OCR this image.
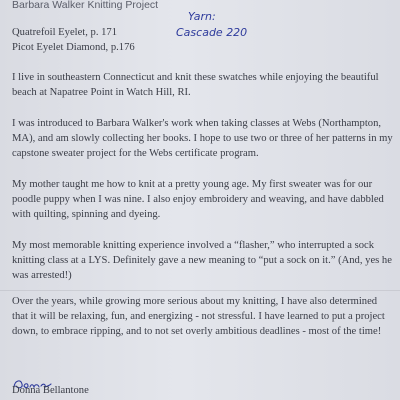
Barbara Walker Knitting Project
Quatrefoil Eyelet, p. 171
Picot Eyelet Diamond, p.176
Yarn:
Cascade 220
I live in southeastern Connecticut and knit these swatches while enjoying the beautiful
beach at Napatree Point in Watch Hill, RI.
I was introduced to Barbara Walker's work when taking classes at Webs (Northampton,
MA), and am slowly collecting her books. I hope to use two or three of her patterns in my
capstone sweater project for the Webs certificate program.
My mother taught me how to knit at a pretty young age. My first sweater was for our
poodle puppy when I was nine. I also enjoy embroidery and weaving, and have dabbled
with quilting, spinning and dyeing.
My most memorable knitting experience involved a “flasher,” who interrupted a sock
knitting class at a LYS. Definitely gave a new meaning to “put a sock on it.” (And, yes he
was arrested!)
Over the years, while growing more serious about my knitting, I have also determined
that it will be relaxing, fun, and energizing - not stressful. I have learned to put a project
down, to embrace ripping, and to not set overly ambitious deadlines - most of the time!
Donna Bellantone
